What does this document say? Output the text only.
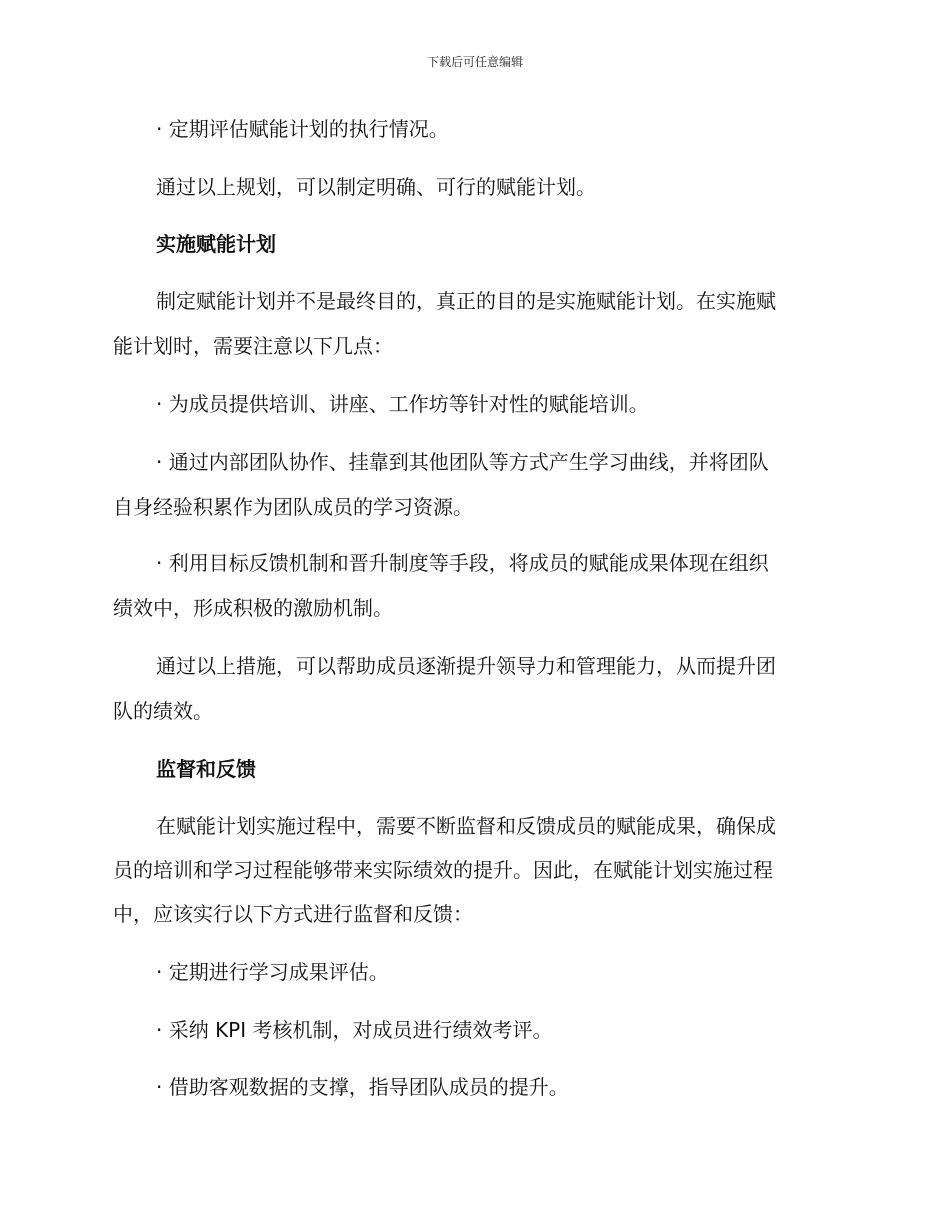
下载后可任意编辑
· 定期评估赋能计划的执行情况。
通过以上规划，可以制定明确、可行的赋能计划。
实施赋能计划
制定赋能计划并不是最终目的，真正的目的是实施赋能计划。在实施赋
能计划时，需要注意以下几点：
· 为成员提供培训、讲座、工作坊等针对性的赋能培训。
· 通过内部团队协作、挂靠到其他团队等方式产生学习曲线，并将团队
自身经验积累作为团队成员的学习资源。
· 利用目标反馈机制和晋升制度等手段，将成员的赋能成果体现在组织
绩效中，形成积极的激励机制。
通过以上措施，可以帮助成员逐渐提升领导力和管理能力，从而提升团
队的绩效。
监督和反馈
在赋能计划实施过程中，需要不断监督和反馈成员的赋能成果，确保成
员的培训和学习过程能够带来实际绩效的提升。因此，在赋能计划实施过程
中，应该实行以下方式进行监督和反馈：
· 定期进行学习成果评估。
· 采纳 KPI 考核机制，对成员进行绩效考评。
· 借助客观数据的支撑，指导团队成员的提升。
